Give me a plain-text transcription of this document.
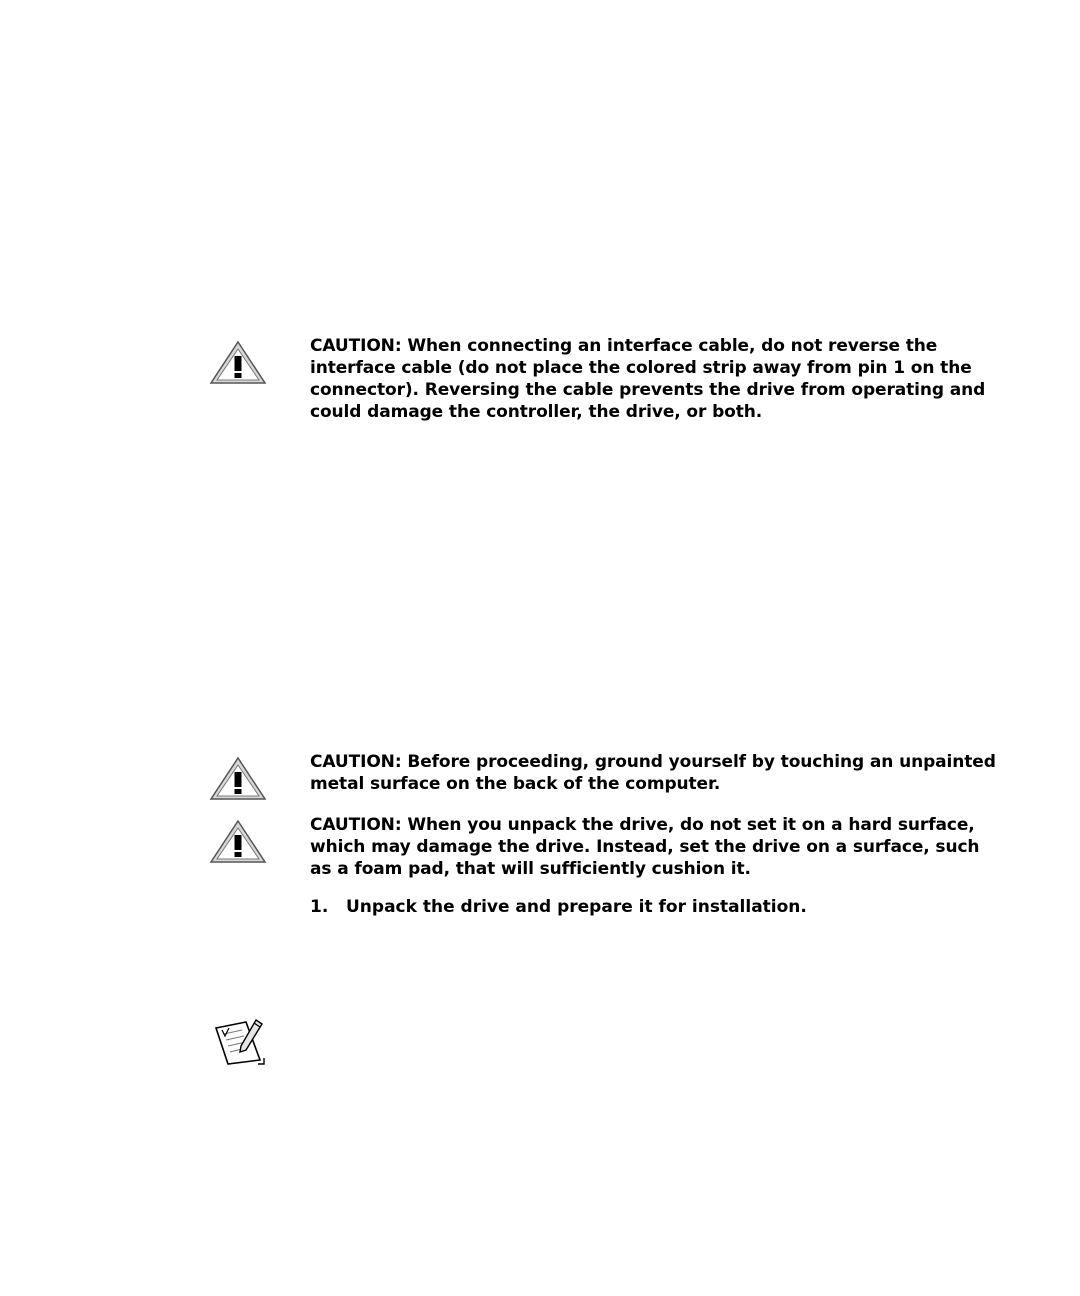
CAUTION: When connecting an interface cable, do not reverse the interface cable (do not place the colored strip away from pin 1 on the connector). Reversing the cable prevents the drive from operating and could damage the controller, the drive, or both.

CAUTION: Before proceeding, ground yourself by touching an unpainted metal surface on the back of the computer.

CAUTION: When you unpack the drive, do not set it on a hard surface, which may damage the drive. Instead, set the drive on a surface, such as a foam pad, that will sufficiently cushion it.

1. Unpack the drive and prepare it for installation.
